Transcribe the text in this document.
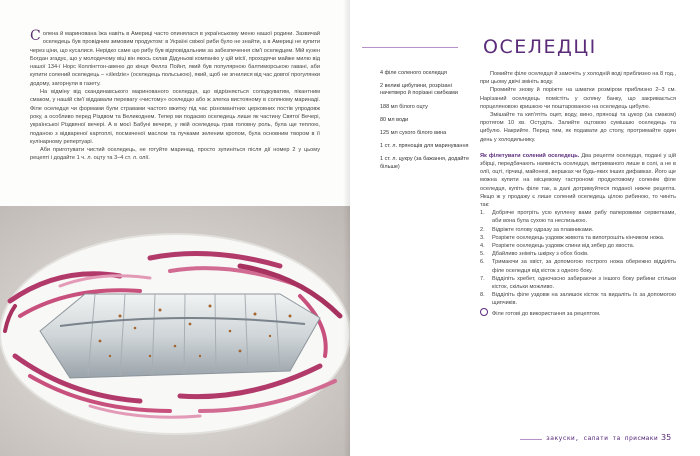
Солена й маринована їжа навіть в Америці часто опинялася в українському меню нашої родини. Зазвичай оселедець був провідним зимовим продуктом: в Україні свіжої риби було не знайти, а в Америці не купити через ціни, що кусалися. Нерідко саме цю рибу був відповідальним за забезпечення сім'ї оселедцем. Мій кузен Богдан згадує, що у молодечому віці він якось склав Дідуньові компанію у цій місії, проходячи майже милю від нашої 134-ї Норс Коллінгтон-авеню до кінця Феллз Пойнт, який був популярною балтиморською гавані, аби купити солений оселедець – «śledzie» (оселедець польською), який, щоб не згнилися від час довгої прогулянки додому, загорнули в газету.

На відміну від скандинавського маринованого оселедця, що відрізняється солодкуватим, пікантним смаком, у нашій сім'ї віддавали перевагу «чистому» оселедцю або ж злегка вистояному в соляному маринаді. Філе оселедця чи формами були стравами частого вжитку під час різноманітних церковних постів упродовж року, а особливо перед Різдвом та Великоднем. Тепер ми подаємо оселедець лише як частину Святої Вечері, українськоі Різдвяної вечері. А в моєї Бабуні вечеря, у якій оселедець грав головну роль, була ще теплою, поданою з відвареної картоплі, посмаченої маслом та пучками зеленим кропом, була основним твором в її кулінарному репертуарі.

Аби приготувати чистий оселедець, не готуйте маринад, просто зупиніться після дії номер 2 у цьому рецепті і додайте 1 ч. л. оцту та 3–4 ст. л. олії.

ОСЕЛЕДЦІ
4 філе соленого оселедця
2 великі цибулини, розрізані начетверо й порізані скибками
188 мл білого оцту
80 мл води
125 мл сухого білого вина
1 ст. л. прянощів для маринування
1 ст. л. цукру (за бажання, додайте більше)

Помийте філе оселедця й замочіть у холодній воді приблизно на 8 год., при цьому двічі змініть воду.

Промийте знову й поріжте на шматки розміром приблизно 2–3 см. Нарізаний оселедець помістіть у скляну банку, що закривається порцеляновою кришкою чи поштарованою на оселедець цибулю.

Змішайте та кип'ятіть оцет, воду, вино, прянощі та цукор (за смаком) протягом 10 хв. Остудіть. Залийте оцтовою сумішшю оселедець та цибулю. Накрийте. Перед тим, як подавати до столу, протримайте один день у холодильнику.

Як філетувати солений оселедець. Два рецепти оселедця, подані у цій збірці, передбачають наявність оселедця, витриманого лише в солі, а не в олії, оцті, гірчиці, майонезі, вершках чи будь-яких інших дифавках. Його ще можна купити на місцевому гастрономі продуктовому соленім філе оселедця, купіть філе так, а далі дотримуйтеся поданої нижче рецепта. Якщо ж у продажу є лише солений оселедець цілою рибиною, то чиніть так:

1. Добряче протріть усю куплену вами рибу паперовими серветками, аби вона була сухою та неслизькою.
2. Відріжте голову одразу за плавниками.
3. Розріжте оселедець уздовж живота та випотрошіть кінчиком ножа.
4. Розріжте оселедець уздовж спини від зябер до хвоста.
5. Дбайливо зніміть шкірку з обох боків.
6. Тримаючи за хвіст, за допомогою гострого ножа обережно відділіть філе оселедця від кісток з одного боку.
7. Відділіть хребет, одночасно забираючи з іншого боку рибини стільки кісток, скільки можливо.
8. Відділіть філе уздовж на залишок кісток та видаліть їх за допомогою щипчиків.

Філе готові до використання за рецептом.

закуски, салати та присмаки 35
